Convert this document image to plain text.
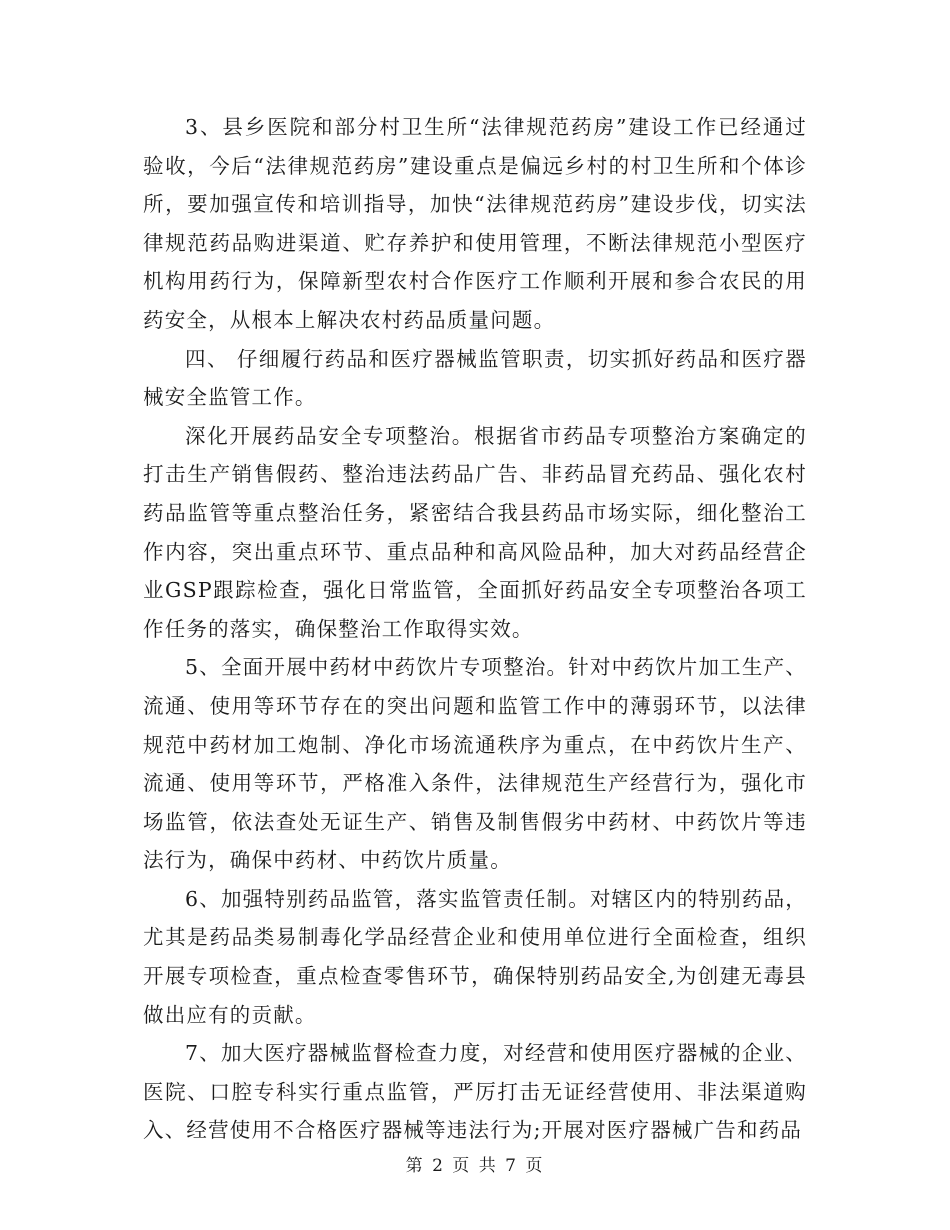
3、县乡医院和部分村卫生所“法律规范药房”建设工作已经通过验收，今后“法律规范药房”建设重点是偏远乡村的村卫生所和个体诊所，要加强宣传和培训指导，加快“法律规范药房”建设步伐，切实法律规范药品购进渠道、贮存养护和使用管理，不断法律规范小型医疗机构用药行为，保障新型农村合作医疗工作顺利开展和参合农民的用药安全，从根本上解决农村药品质量问题。

四、 仔细履行药品和医疗器械监管职责，切实抓好药品和医疗器械安全监管工作。

深化开展药品安全专项整治。根据省市药品专项整治方案确定的打击生产销售假药、整治违法药品广告、非药品冒充药品、强化农村药品监管等重点整治任务，紧密结合我县药品市场实际，细化整治工作内容，突出重点环节、重点品种和高风险品种，加大对药品经营企业GSP跟踪检查，强化日常监管，全面抓好药品安全专项整治各项工作任务的落实，确保整治工作取得实效。

5、全面开展中药材中药饮片专项整治。针对中药饮片加工生产、流通、使用等环节存在的突出问题和监管工作中的薄弱环节，以法律规范中药材加工炮制、净化市场流通秩序为重点，在中药饮片生产、流通、使用等环节，严格准入条件，法律规范生产经营行为，强化市场监管，依法查处无证生产、销售及制售假劣中药材、中药饮片等违法行为，确保中药材、中药饮片质量。

6、加强特别药品监管，落实监管责任制。对辖区内的特别药品，尤其是药品类易制毒化学品经营企业和使用单位进行全面检查，组织开展专项检查，重点检查零售环节，确保特别药品安全,为创建无毒县做出应有的贡献。

7、加大医疗器械监督检查力度，对经营和使用医疗器械的企业、医院、口腔专科实行重点监管，严厉打击无证经营使用、非法渠道购入、经营使用不合格医疗器械等违法行为;开展对医疗器械广告和药品

第 2 页 共 7 页
